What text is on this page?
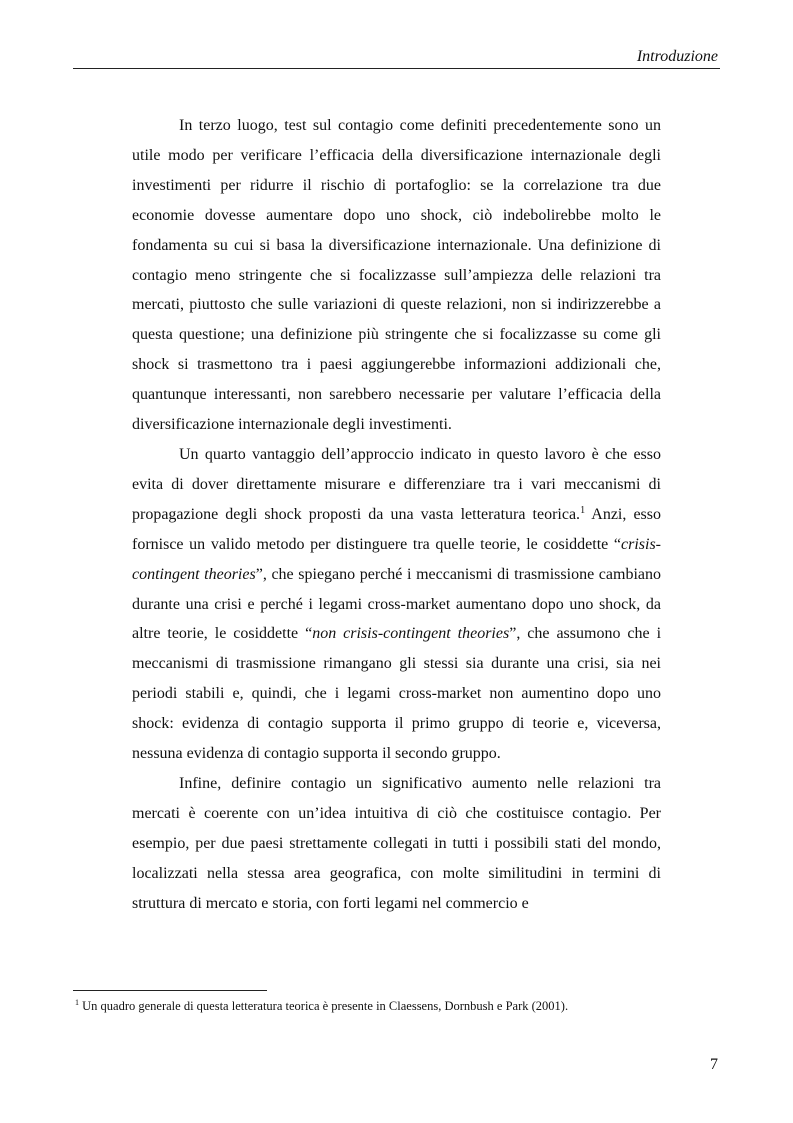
Introduzione

In terzo luogo, test sul contagio come definiti precedentemente sono un utile modo per verificare l’efficacia della diversificazione internazionale degli investimenti per ridurre il rischio di portafoglio: se la correlazione tra due economie dovesse aumentare dopo uno shock, ciò indebolirebbe molto le fondamenta su cui si basa la diversificazione internazionale. Una definizione di contagio meno stringente che si focalizzasse sull’ampiezza delle relazioni tra mercati, piuttosto che sulle variazioni di queste relazioni, non si indirizzerebbe a questa questione; una definizione più stringente che si focalizzasse su come gli shock si trasmettono tra i paesi aggiungerebbe informazioni addizionali che, quantunque interessanti, non sarebbero necessarie per valutare l’efficacia della diversificazione internazionale degli investimenti.

Un quarto vantaggio dell’approccio indicato in questo lavoro è che esso evita di dover direttamente misurare e differenziare tra i vari meccanismi di propagazione degli shock proposti da una vasta letteratura teorica.$^1$ Anzi, esso fornisce un valido metodo per distinguere tra quelle teorie, le cosiddette “crisis-contingent theories”, che spiegano perché i meccanismi di trasmissione cambiano durante una crisi e perché i legami cross-market aumentano dopo uno shock, da altre teorie, le cosiddette “non crisis-contingent theories”, che assumono che i meccanismi di trasmissione rimangano gli stessi sia durante una crisi, sia nei periodi stabili e, quindi, che i legami cross-market non aumentino dopo uno shock: evidenza di contagio supporta il primo gruppo di teorie e, viceversa, nessuna evidenza di contagio supporta il secondo gruppo.

Infine, definire contagio un significativo aumento nelle relazioni tra mercati è coerente con un’idea intuitiva di ciò che costituisce contagio. Per esempio, per due paesi strettamente collegati in tutti i possibili stati del mondo, localizzati nella stessa area geografica, con molte similitudini in termini di struttura di mercato e storia, con forti legami nel commercio e

$^1$ Un quadro generale di questa letteratura teorica è presente in Claessens, Dornbush e Park (2001).
7
